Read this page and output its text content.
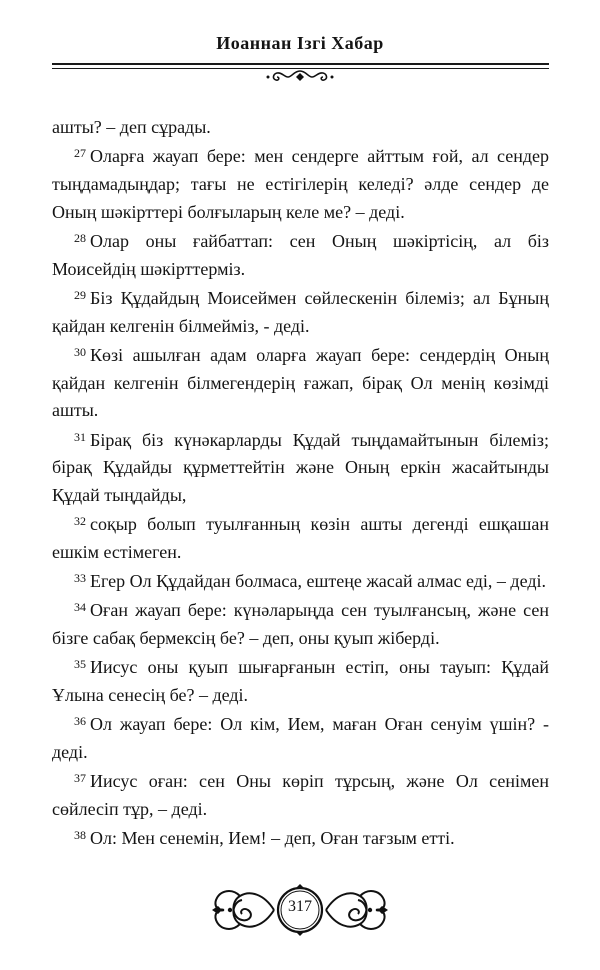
Иоаннан Ізгі Хабар

ашты? – деп сұрады.

$^{27}$ Оларға жауап бере: мен сендерге айттым ғой, ал сендер тыңдамадыңдар; тағы не естігілерің келеді? әлде сендер де Оның шәкірттері болғыларың келе ме? – деді.

$^{28}$ Олар оны ғайбаттап: сен Оның шәкіртісің, ал біз Моисейдің шәкірттерміз.

$^{29}$ Біз Құдайдың Моисеймен сөйлескенін білеміз; ал Бұның қайдан келгенін білмейміз, - деді.

$^{30}$ Көзі ашылған адам оларға жауап бере: сендердің Оның қайдан келгенін білмегендерің ғажап, бірақ Ол менің көзімді ашты.

$^{31}$ Бірақ біз күнәкарларды Құдай тыңдамайтынын білеміз; бірақ Құдайды құрметтейтін және Оның еркін жасайтынды Құдай тыңдайды,

$^{32}$ соқыр болып туылғанның көзін ашты дегенді ешқашан ешкім естімеген.

$^{33}$ Егер Ол Құдайдан болмаса, ештеңе жасай алмас еді, – деді.

$^{34}$ Оған жауап бере: күнәларыңда сен туылғансың, және сен бізге сабақ бермексің бе? – деп, оны қуып жіберді.

$^{35}$ Иисус оны қуып шығарғанын естіп, оны тауып: Құдай Ұлына сенесің бе? – деді.

$^{36}$ Ол жауап бере: Ол кім, Ием, маған Оған сенуім үшін? - деді.

$^{37}$ Иисус оған: сен Оны көріп тұрсың, және Ол сенімен сөйлесіп тұр, – деді.

$^{38}$ Ол: Мен сенемін, Ием! – деп, Оған тағзым етті.

317
